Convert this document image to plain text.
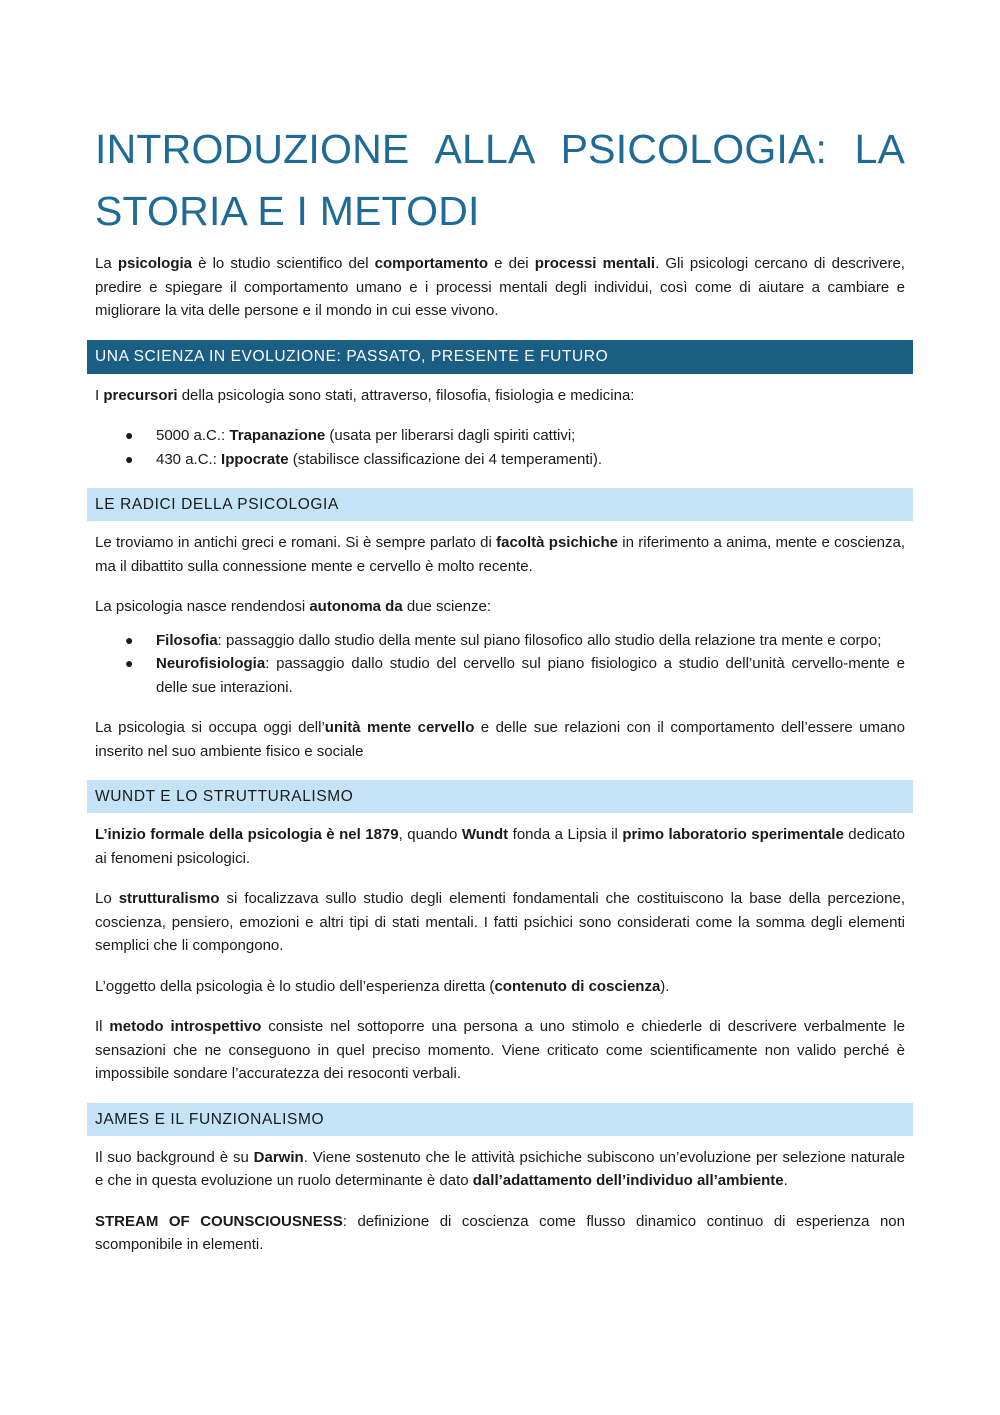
INTRODUZIONE ALLA PSICOLOGIA: LA
STORIA E I METODI

La psicologia è lo studio scientifico del comportamento e dei processi mentali. Gli psicologi cercano di descrivere, predire e spiegare il comportamento umano e i processi mentali degli individui, così come di aiutare a cambiare e migliorare la vita delle persone e il mondo in cui esse vivono.

UNA SCIENZA IN EVOLUZIONE: PASSATO, PRESENTE E FUTURO

I precursori della psicologia sono stati, attraverso, filosofia, fisiologia e medicina:

● 5000 a.C.: Trapanazione (usata per liberarsi dagli spiriti cattivi;
● 430 a.C.: Ippocrate (stabilisce classificazione dei 4 temperamenti).
LE RADICI DELLA PSICOLOGIA

Le troviamo in antichi greci e romani. Si è sempre parlato di facoltà psichiche in riferimento a anima, mente e coscienza, ma il dibattito sulla connessione mente e cervello è molto recente.

La psicologia nasce rendendosi autonoma da due scienze:

● Filosofia: passaggio dallo studio della mente sul piano filosofico allo studio della relazione tra mente e corpo;
● Neurofisiologia: passaggio dallo studio del cervello sul piano fisiologico a studio dell’unità cervello-mente e delle sue interazioni.

La psicologia si occupa oggi dell’unità mente cervello e delle sue relazioni con il comportamento dell’essere umano inserito nel suo ambiente fisico e sociale

WUNDT E LO STRUTTURALISMO

L’inizio formale della psicologia è nel 1879, quando Wundt fonda a Lipsia il primo laboratorio sperimentale dedicato ai fenomeni psicologici.

Lo strutturalismo si focalizzava sullo studio degli elementi fondamentali che costituiscono la base della percezione, coscienza, pensiero, emozioni e altri tipi di stati mentali. I fatti psichici sono considerati come la somma degli elementi semplici che li compongono.

L’oggetto della psicologia è lo studio dell’esperienza diretta (contenuto di coscienza).

Il metodo introspettivo consiste nel sottoporre una persona a uno stimolo e chiederle di descrivere verbalmente le sensazioni che ne conseguono in quel preciso momento. Viene criticato come scientificamente non valido perché è impossibile sondare l’accuratezza dei resoconti verbali.

JAMES E IL FUNZIONALISMO

Il suo background è su Darwin. Viene sostenuto che le attività psichiche subiscono un’evoluzione per selezione naturale e che in questa evoluzione un ruolo determinante è dato dall’adattamento dell’individuo all’ambiente.

STREAM OF COUNSCIOUSNESS: definizione di coscienza come flusso dinamico continuo di esperienza non scomponibile in elementi.
